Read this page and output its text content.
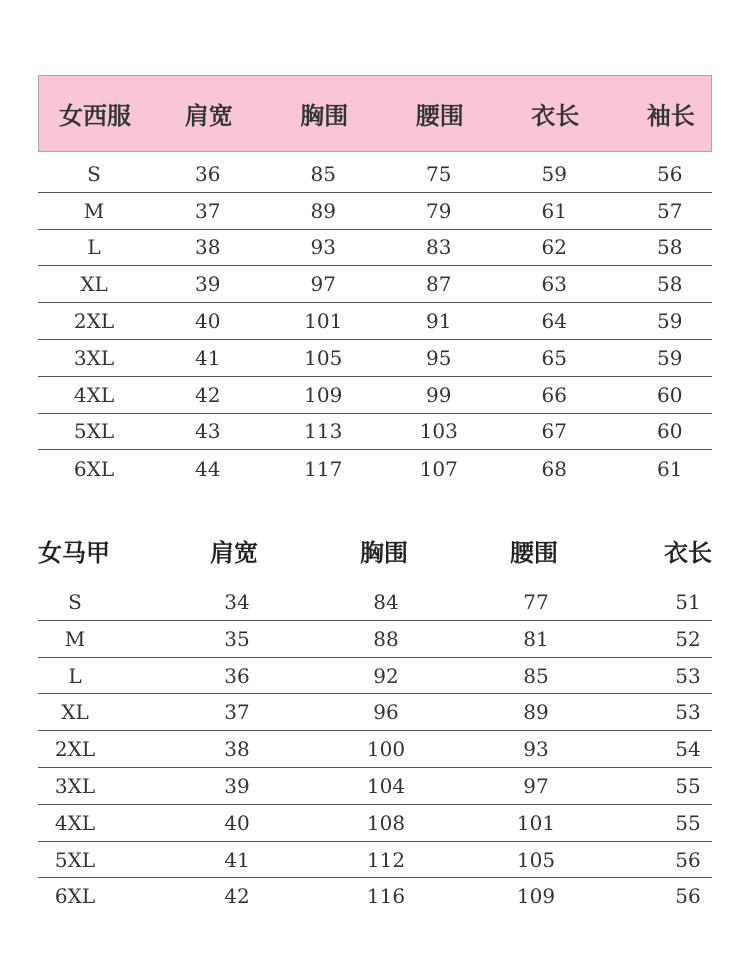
女西服	肩宽	胸围	腰围	衣长	袖长
S	36	85	75	59	56
M	37	89	79	61	57
L	38	93	83	62	58
XL	39	97	87	63	58
2XL	40	101	91	64	59
3XL	41	105	95	65	59
4XL	42	109	99	66	60
5XL	43	113	103	67	60
6XL	44	117	107	68	61
女马甲	肩宽	胸围	腰围	衣长
S	34	84	77	51
M	35	88	81	52
L	36	92	85	53
XL	37	96	89	53
2XL	38	100	93	54
3XL	39	104	97	55
4XL	40	108	101	55
5XL	41	112	105	56
6XL	42	116	109	56
